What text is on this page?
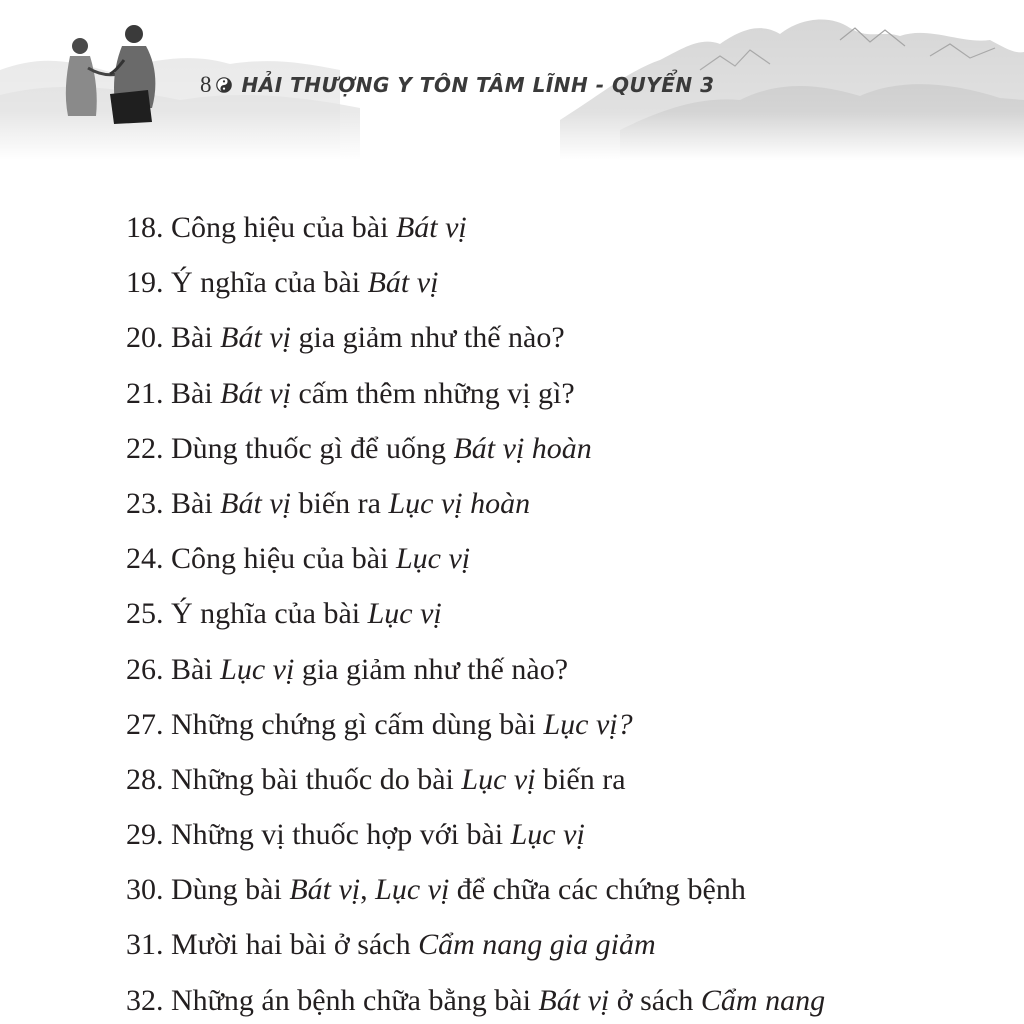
8 HẢI THƯỢNG Y TÔN TÂM LĨNH - QUYỂN 3
18. Công hiệu của bài Bát vị
19. Ý nghĩa của bài Bát vị
20. Bài Bát vị gia giảm như thế nào?
21. Bài Bát vị cấm thêm những vị gì?
22. Dùng thuốc gì để uống Bát vị hoàn
23. Bài Bát vị biến ra Lục vị hoàn
24. Công hiệu của bài Lục vị
25. Ý nghĩa của bài Lục vị
26. Bài Lục vị gia giảm như thế nào?
27. Những chứng gì cấm dùng bài Lục vị?
28. Những bài thuốc do bài Lục vị biến ra
29. Những vị thuốc hợp với bài Lục vị
30. Dùng bài Bát vị, Lục vị để chữa các chứng bệnh
31. Mười hai bài ở sách Cẩm nang gia giảm
32. Những án bệnh chữa bằng bài Bát vị ở sách Cẩm nang
